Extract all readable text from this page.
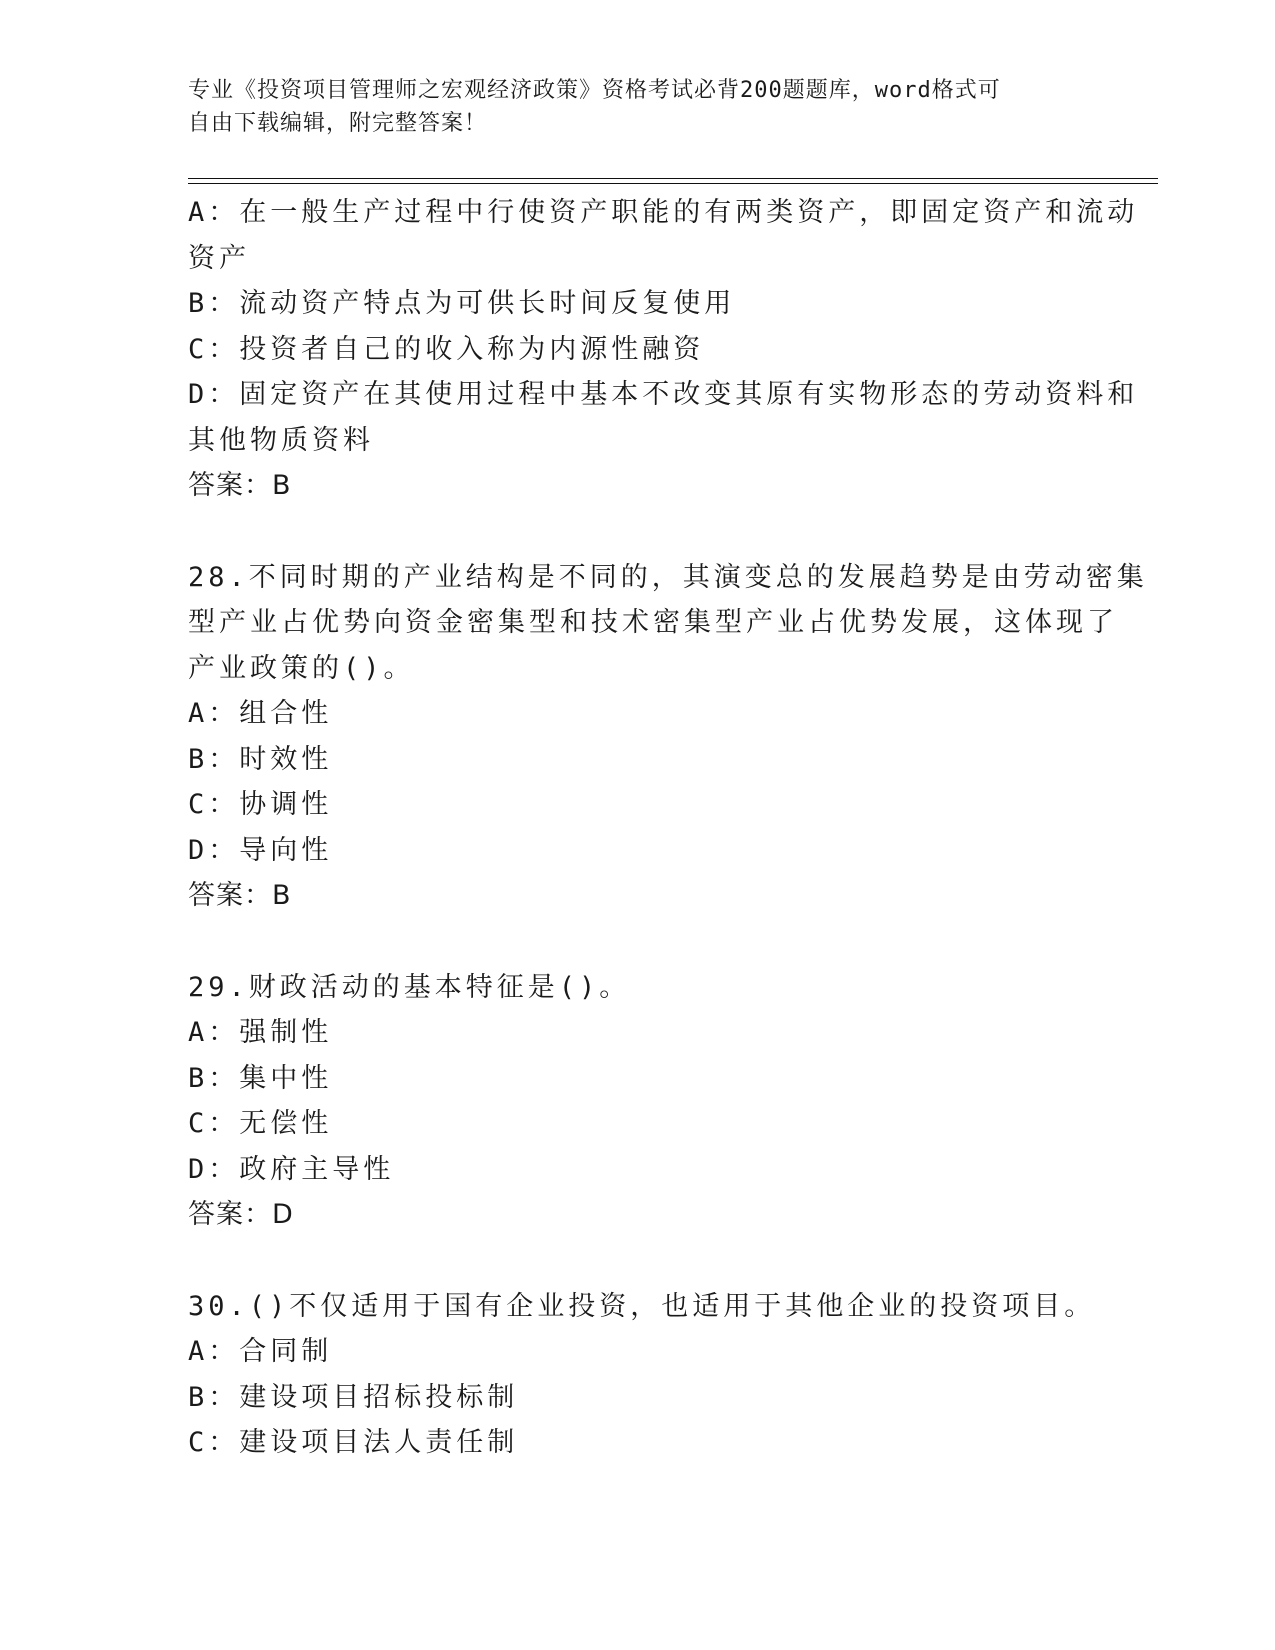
专业《投资项目管理师之宏观经济政策》资格考试必背200题题库，word格式可
自由下载编辑，附完整答案！
A：在一般生产过程中行使资产职能的有两类资产，即固定资产和流动
资产
B：流动资产特点为可供长时间反复使用
C：投资者自己的收入称为内源性融资
D：固定资产在其使用过程中基本不改变其原有实物形态的劳动资料和
其他物质资料
答案：B
28.不同时期的产业结构是不同的，其演变总的发展趋势是由劳动密集
型产业占优势向资金密集型和技术密集型产业占优势发展，这体现了
产业政策的()。
A：组合性
B：时效性
C：协调性
D：导向性
答案：B
29.财政活动的基本特征是()。
A：强制性
B：集中性
C：无偿性
D：政府主导性
答案：D
30.()不仅适用于国有企业投资，也适用于其他企业的投资项目。
A：合同制
B：建设项目招标投标制
C：建设项目法人责任制
